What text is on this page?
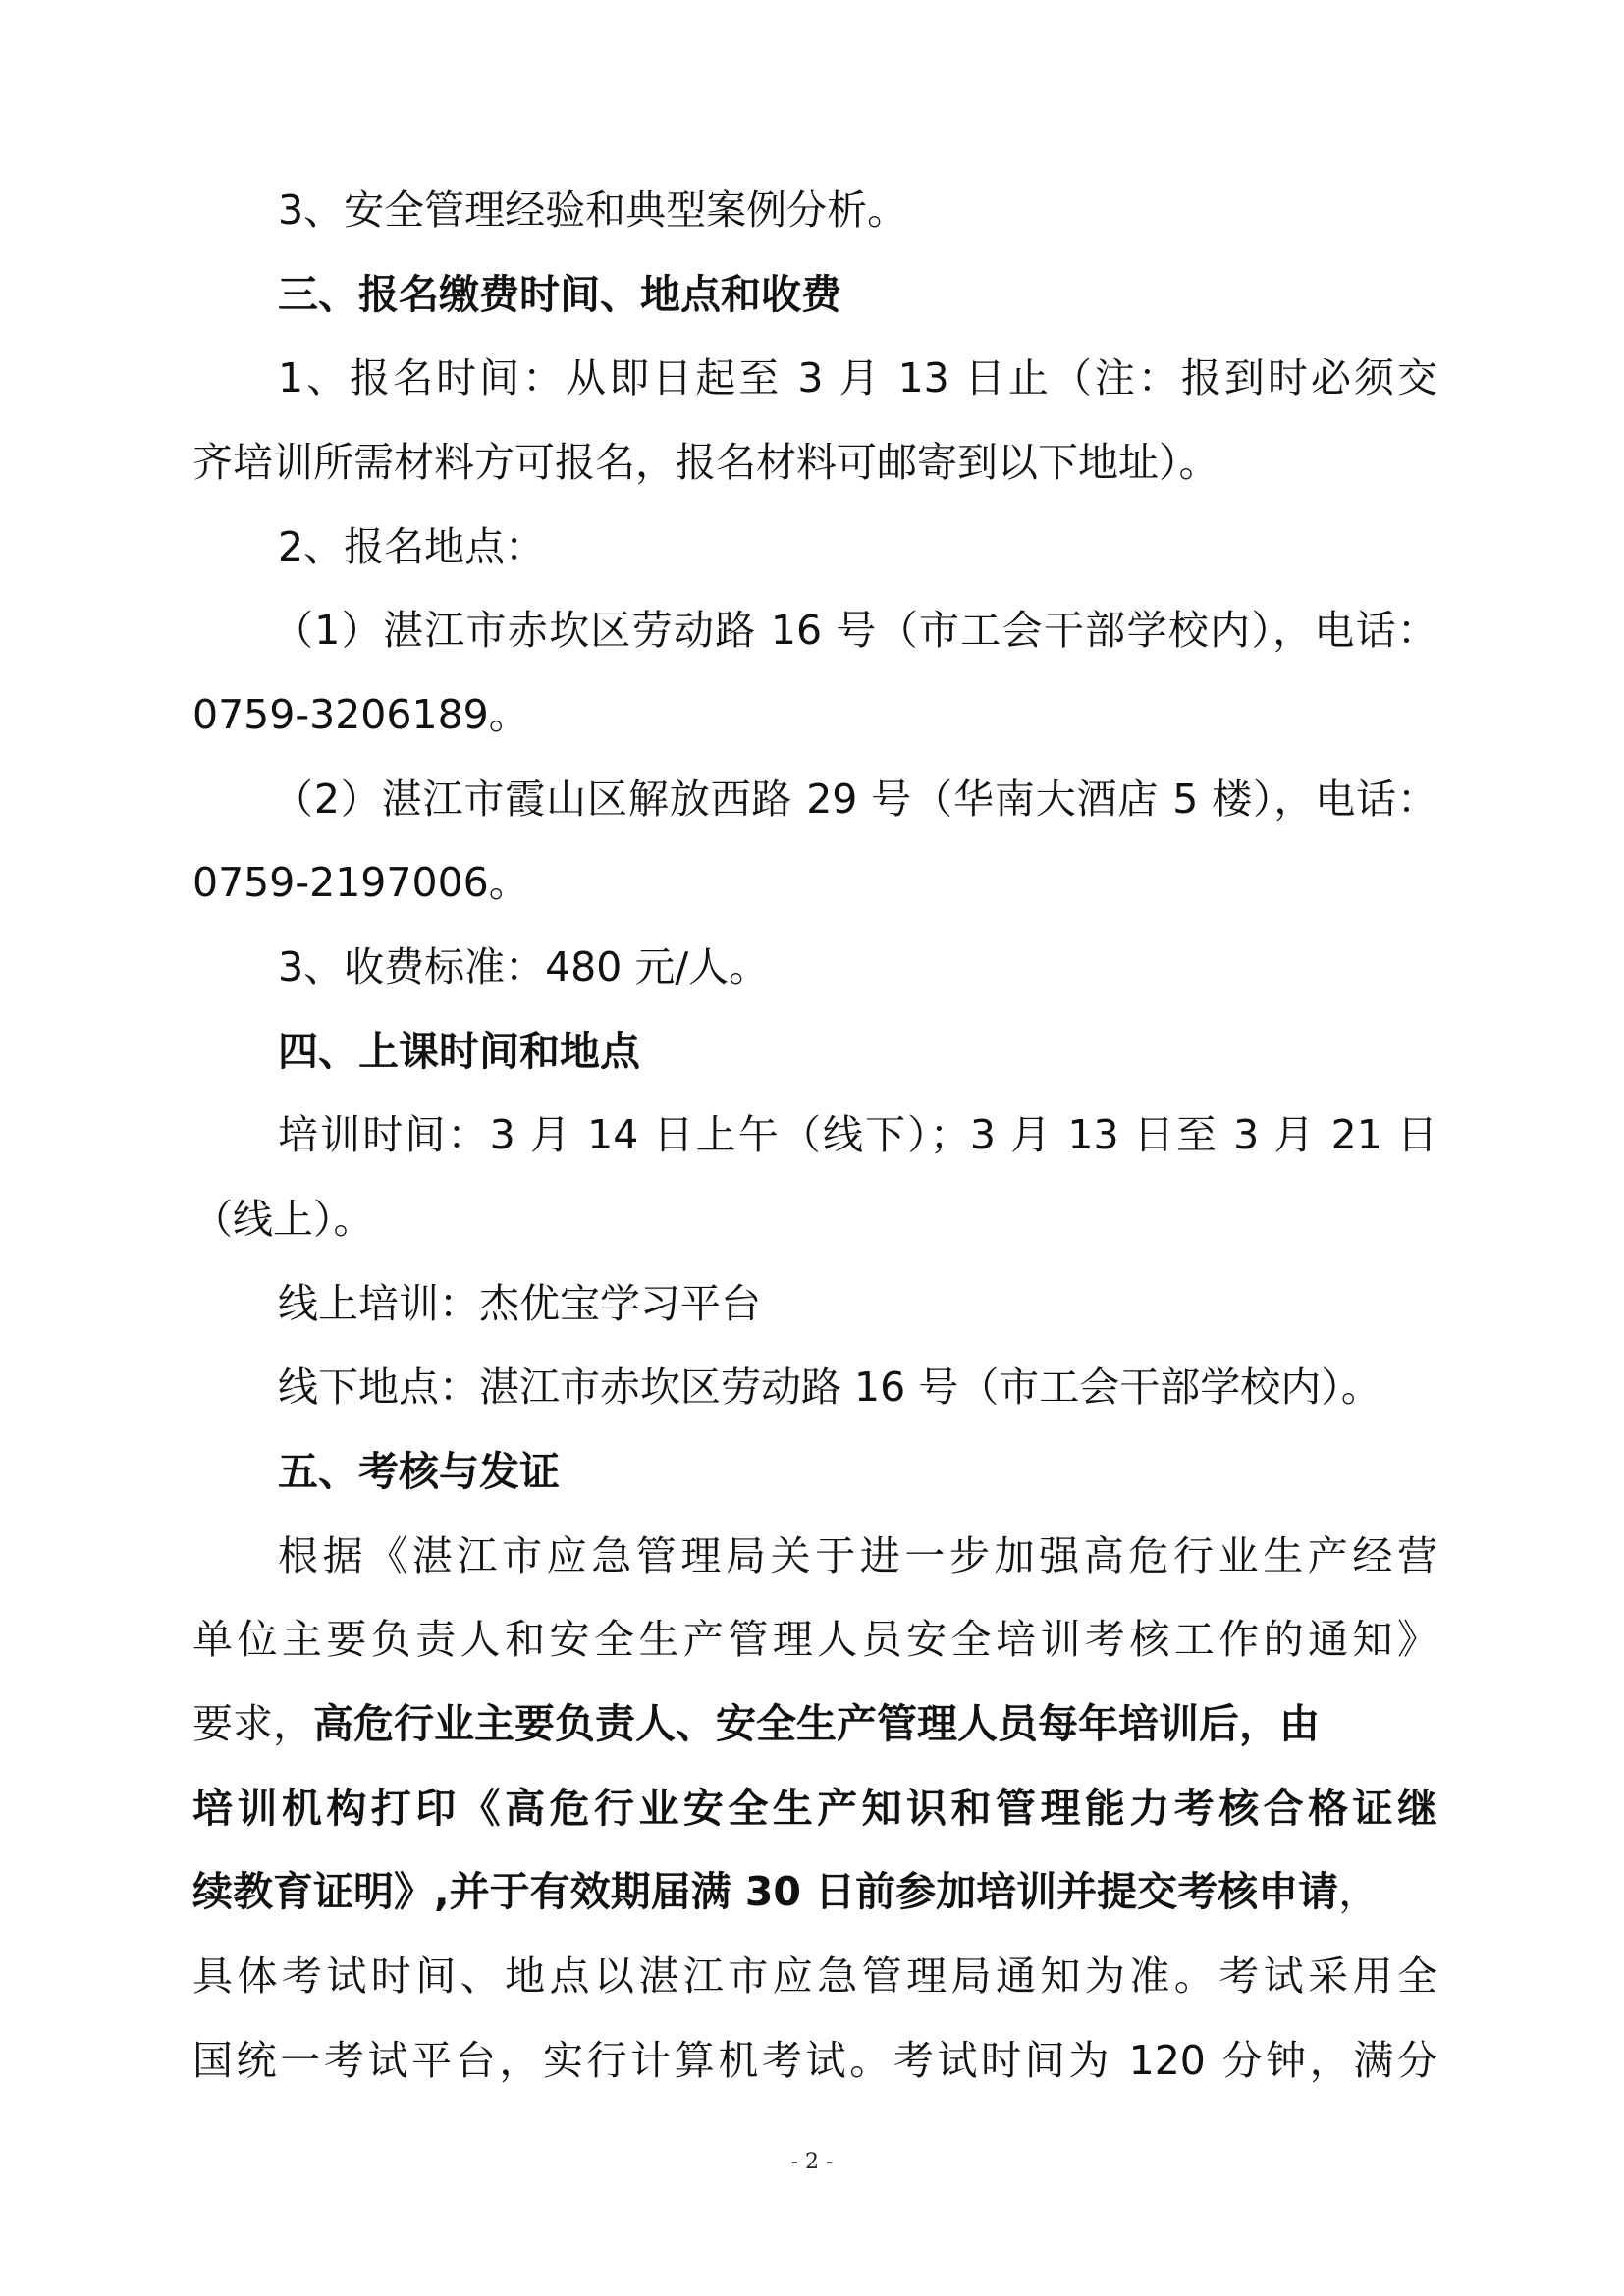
3、安全管理经验和典型案例分析。
三、报名缴费时间、地点和收费
1、报名时间：从即日起至 3 月 13 日止（注：报到时必须交
齐培训所需材料方可报名，报名材料可邮寄到以下地址）。
2、报名地点：
（1）湛江市赤坎区劳动路 16 号（市工会干部学校内），电话：
0759-3206189。
（2）湛江市霞山区解放西路 29 号（华南大酒店 5 楼），电话：
0759-2197006。
3、收费标准：480 元/人。
四、上课时间和地点
培训时间：3 月 14 日上午（线下）；3 月 13 日至 3 月 21 日
（线上）。
线上培训：杰优宝学习平台
线下地点：湛江市赤坎区劳动路 16 号（市工会干部学校内）。
五、考核与发证
根据《湛江市应急管理局关于进一步加强高危行业生产经营
单位主要负责人和安全生产管理人员安全培训考核工作的通知》
要求，高危行业主要负责人、安全生产管理人员每年培训后，由
培训机构打印《高危行业安全生产知识和管理能力考核合格证继
续教育证明》,并于有效期届满 30 日前参加培训并提交考核申请，
具体考试时间、地点以湛江市应急管理局通知为准。考试采用全
国统一考试平台，实行计算机考试。考试时间为 120 分钟，满分
- 2 -
